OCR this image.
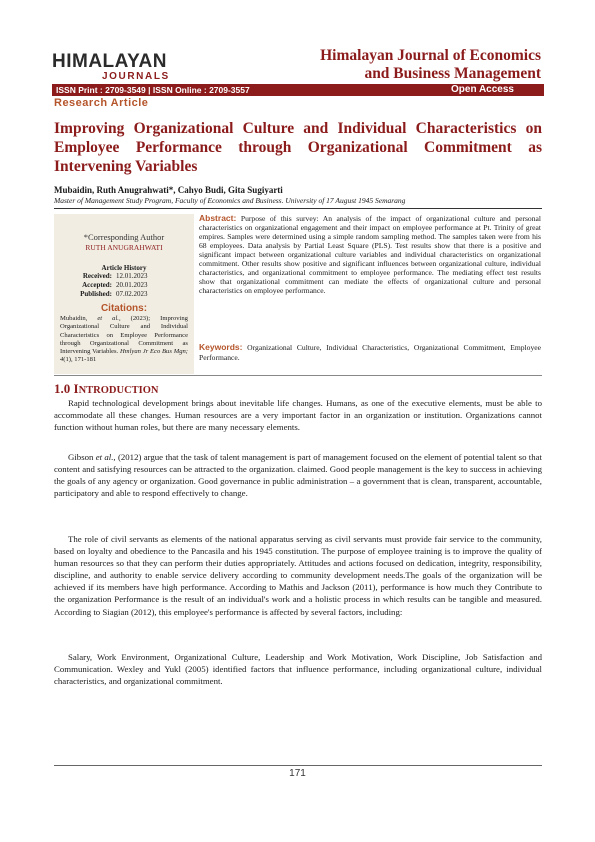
HIMALAYAN
JOURNALS
Himalayan Journal of Economics
and Business Management
ISSN Print : 2709-3549 | ISSN Online : 2709-3557	Open Access
Research Article
Improving Organizational Culture and Individual Characteristics on Employee Performance through Organizational Commitment as Intervening Variables
Mubaidin, Ruth Anugrahwati*, Cahyo Budi, Gita Sugiyarti
Master of Management Study Program, Faculty of Economics and Business. University of 17 August 1945 Semarang
*Corresponding Author
RUTH ANUGRAHWATI
Article History
Received: 12.01.2023
Accepted: 20.01.2023
Published: 07.02.2023
Citations:
Mubaidin, et al., (2023); Improving Organizational Culture and Individual Characteristics on Employee Performance through Organizational Commitment as Intervening Variables. Hmlyan Jr Eco Bus Mgn; 4(1), 171-181
Abstract: Purpose of this survey: An analysis of the impact of organizational culture and personal characteristics on organizational engagement and their impact on employee performance at Pt. Trinity of great empires. Samples were determined using a simple random sampling method. The samples taken were from his 68 employees. Data analysis by Partial Least Square (PLS). Test results show that there is a positive and significant impact between organizational culture variables and individual characteristics on organizational commitment. Other results show positive and significant influences between organizational culture, individual characteristics, and organizational commitment to employee performance. The mediating effect test results show that organizational commitment can mediate the effects of organizational culture and personal characteristics on employee performance.
Keywords: Organizational Culture, Individual Characteristics, Organizational Commitment, Employee Performance.
1.0 INTRODUCTION
Rapid technological development brings about inevitable life changes. Humans, as one of the executive elements, must be able to accommodate all these changes. Human resources are a very important factor in an organization or institution. Organizations cannot function without human roles, but there are many necessary elements.
Gibson et al., (2012) argue that the task of talent management is part of management focused on the element of potential talent so that content and satisfying resources can be attracted to the organization. claimed. Good people management is the key to success in achieving the goals of any agency or organization. Good governance in public administration – a government that is clean, transparent, accountable, participatory and able to respond effectively to change.
The role of civil servants as elements of the national apparatus serving as civil servants must provide fair service to the community, based on loyalty and obedience to the Pancasila and his 1945 constitution. The purpose of employee training is to improve the quality of human resources so that they can perform their duties appropriately. Attitudes and actions focused on dedication, integrity, responsibility, discipline, and authority to enable service delivery according to community development needs.The goals of the organization will be achieved if its members have high performance. According to Mathis and Jackson (2011), performance is how much they Contribute to the organization Performance is the result of an individual's work and a holistic process in which results can be tangible and measured. According to Siagian (2012), this employee's performance is affected by several factors, including:
Salary, Work Environment, Organizational Culture, Leadership and Work Motivation, Work Discipline, Job Satisfaction and Communication. Wexley and Yukl (2005) identified factors that influence performance, including organizational culture, individual characteristics, and organizational commitment.
171
